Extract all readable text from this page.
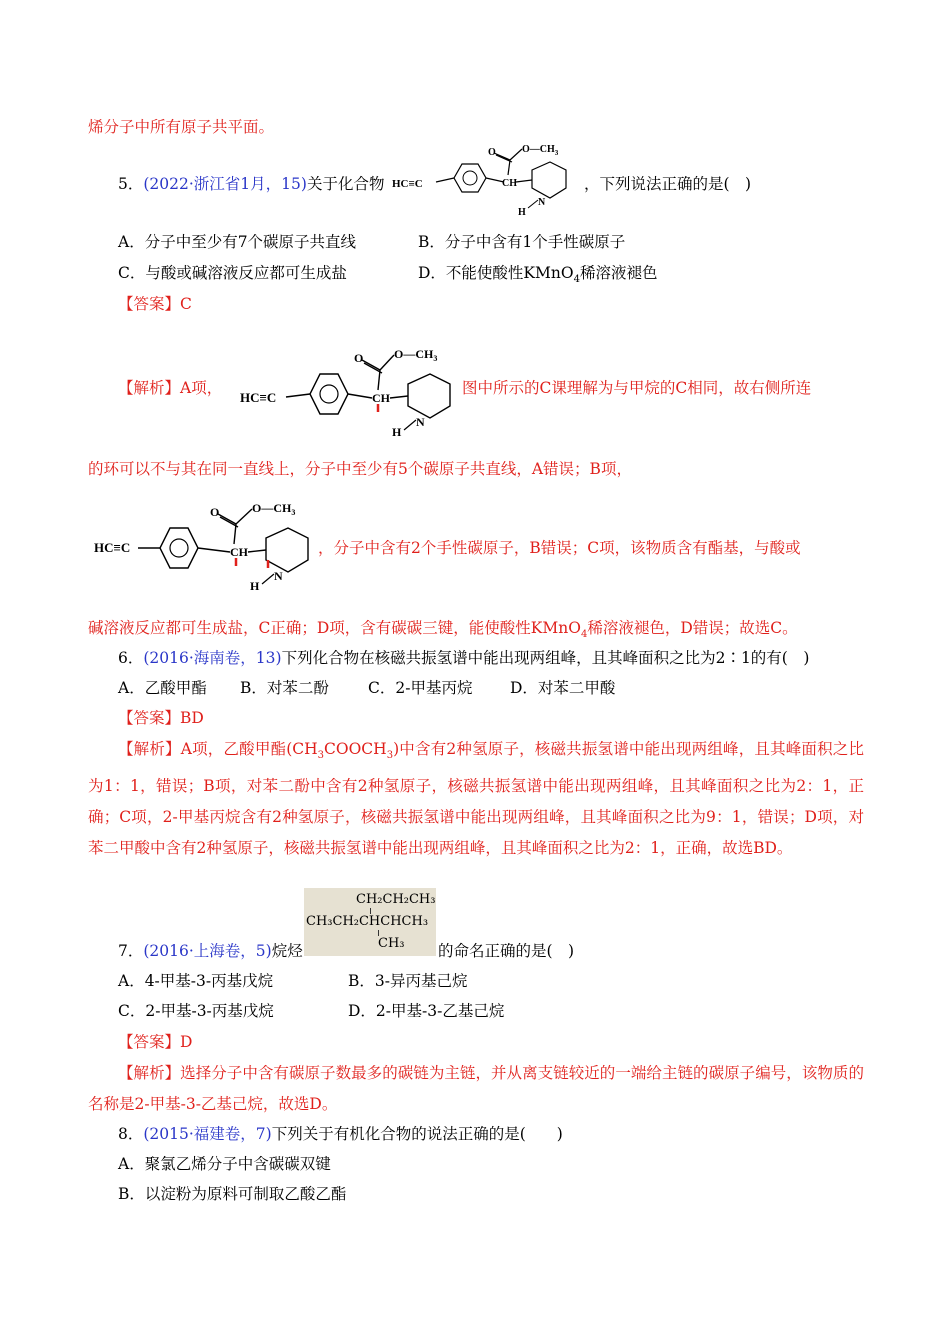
烯分子中所有原子共平面。
5．(2022·浙江省1月，15)关于化合物 HC≡C
O	$O—CH_3$
CH
N
H
，下列说法正确的是(　)
A．分子中至少有7个碳原子共直线	B．分子中含有1个手性碳原子
C．与酸或碱溶液反应都可生成盐	D．不能使酸性KMnO$_4$稀溶液褪色
【答案】C
【解析】A项，
HC≡C
O	$O—CH_3$
CH
N
H
图中所示的C课理解为与甲烷的C相同，故右侧所连
的环可以不与其在同一直线上，分子中至少有5个碳原子共直线，A错误；B项，
HC≡C
O	$O—CH_3$
CH
N
H
，分子中含有2个手性碳原子，B错误；C项，该物质含有酯基，与酸或
碱溶液反应都可生成盐，C正确；D项，含有碳碳三键，能使酸性KMnO$_4$稀溶液褪色，D错误；故选C。
6．(2016·海南卷，13)下列化合物在核磁共振氢谱中能出现两组峰，且其峰面积之比为2∶1的有(　)
A．乙酸甲酯 B．对苯二酚	C．2-甲基丙烷 D．对苯二甲酸
【答案】BD
【解析】A项，乙酸甲酯$(CH_3COOCH_3)$中含有2种氢原子，核磁共振氢谱中能出现两组峰，且其峰面积之比为1：1，错误；B项，对苯二酚中含有2种氢原子，核磁共振氢谱中能出现两组峰，且其峰面积之比为2：1，正确；C项，2-甲基丙烷含有2种氢原子，核磁共振氢谱中能出现两组峰，且其峰面积之比为9：1，错误；D项，对苯二甲酸中含有2种氢原子，核磁共振氢谱中能出现两组峰，且其峰面积之比为2：1，正确，故选BD。
CH₂CH₂CH₃
CH₃CH₂CHCHCH₃
CH₃
7．(2016·上海卷，5)烷烃	的命名正确的是(　)
A．4-甲基-3-丙基戊烷	B．3-异丙基己烷
C．2-甲基-3-丙基戊烷	D．2-甲基-3-乙基己烷
【答案】D
【解析】选择分子中含有碳原子数最多的碳链为主链，并从离支链较近的一端给主链的碳原子编号，该物质的名称是2-甲基-3-乙基己烷，故选D。
8．(2015·福建卷，7)下列关于有机化合物的说法正确的是(　　)
A．聚氯乙烯分子中含碳碳双键
B．以淀粉为原料可制取乙酸乙酯
